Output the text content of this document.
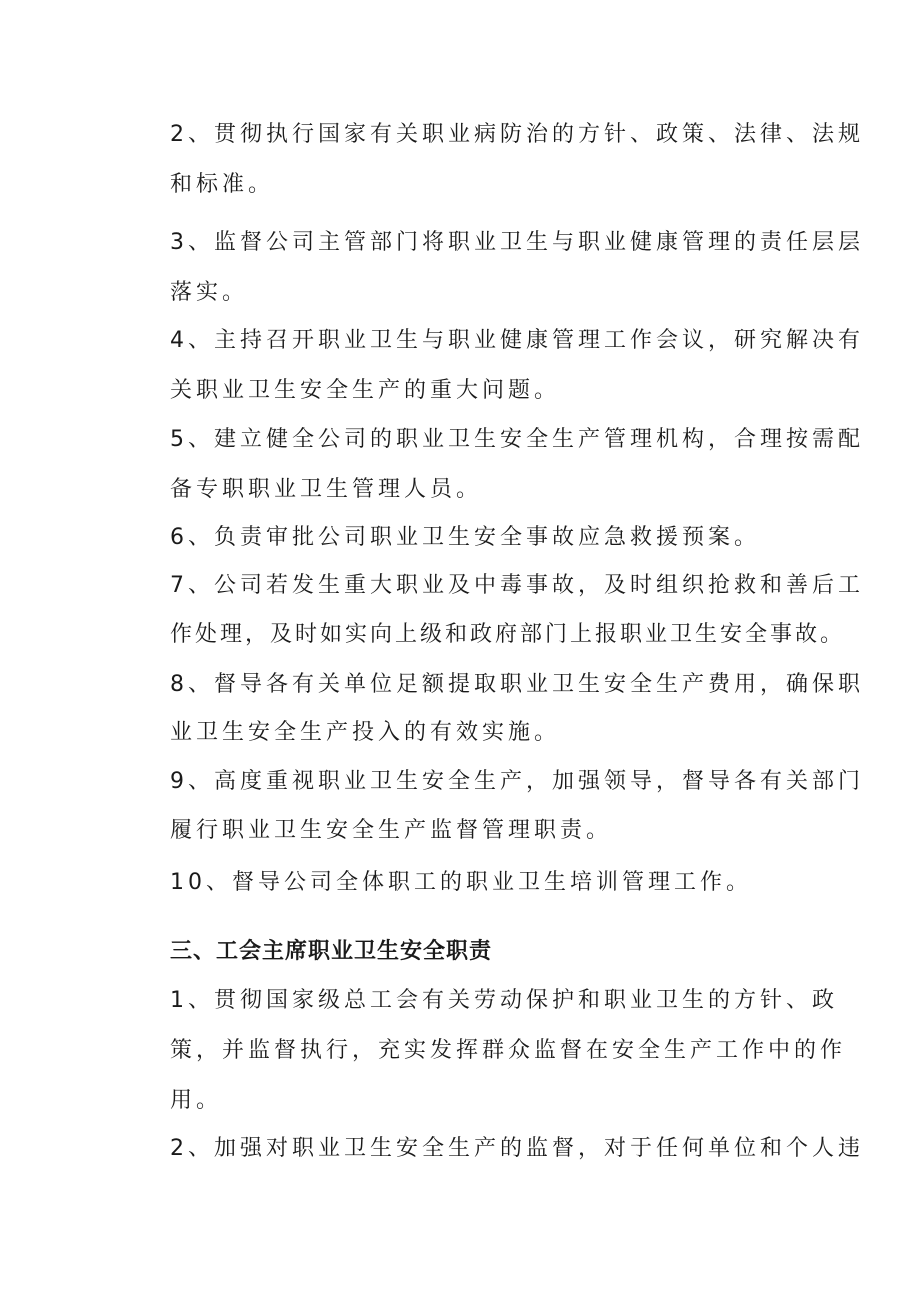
2、贯彻执行国家有关职业病防治的方针、政策、法律、法规

和标准。

3、监督公司主管部门将职业卫生与职业健康管理的责任层层

落实。

4、主持召开职业卫生与职业健康管理工作会议，研究解决有

关职业卫生安全生产的重大问题。

5、建立健全公司的职业卫生安全生产管理机构，合理按需配

备专职职业卫生管理人员。

6、负责审批公司职业卫生安全事故应急救援预案。

7、公司若发生重大职业及中毒事故，及时组织抢救和善后工

作处理，及时如实向上级和政府部门上报职业卫生安全事故。

8、督导各有关单位足额提取职业卫生安全生产费用，确保职

业卫生安全生产投入的有效实施。

9、高度重视职业卫生安全生产，加强领导，督导各有关部门

履行职业卫生安全生产监督管理职责。

10、督导公司全体职工的职业卫生培训管理工作。

三、工会主席职业卫生安全职责

1、贯彻国家级总工会有关劳动保护和职业卫生的方针、政

策，并监督执行，充实发挥群众监督在安全生产工作中的作

用。

2、加强对职业卫生安全生产的监督，对于任何单位和个人违
